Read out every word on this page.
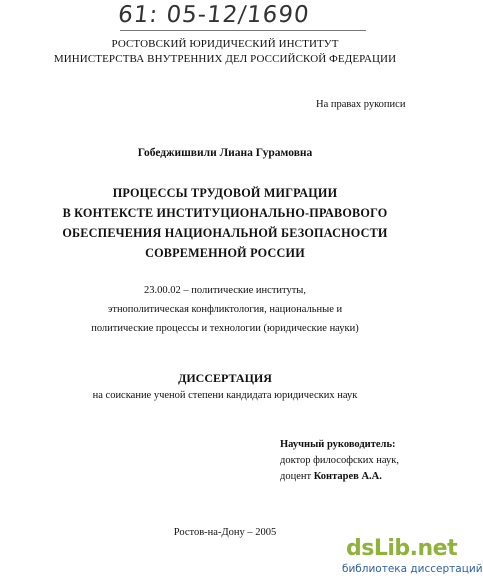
61: 05-12/1690
РОСТОВСКИЙ ЮРИДИЧЕСКИЙ ИНСТИТУТ
МИНИСТЕРСТВА ВНУТРЕННИХ ДЕЛ РОССИЙСКОЙ ФЕДЕРАЦИИ
На правах рукописи
Гобеджишвили Лиана Гурамовна
ПРОЦЕССЫ ТРУДОВОЙ МИГРАЦИИ
В КОНТЕКСТЕ ИНСТИТУЦИОНАЛЬНО-ПРАВОВОГО
ОБЕСПЕЧЕНИЯ НАЦИОНАЛЬНОЙ БЕЗОПАСНОСТИ
СОВРЕМЕННОЙ РОССИИ
23.00.02 – политические институты,
этнополитическая конфликтология, национальные и
политические процессы и технологии (юридические науки)
ДИССЕРТАЦИЯ
на соискание ученой степени кандидата юридических наук
Научный руководитель:
доктор философских наук,
доцент Контарев А.А.
Ростов-на-Дону – 2005
dsLib.net
библиотека диссертаций
